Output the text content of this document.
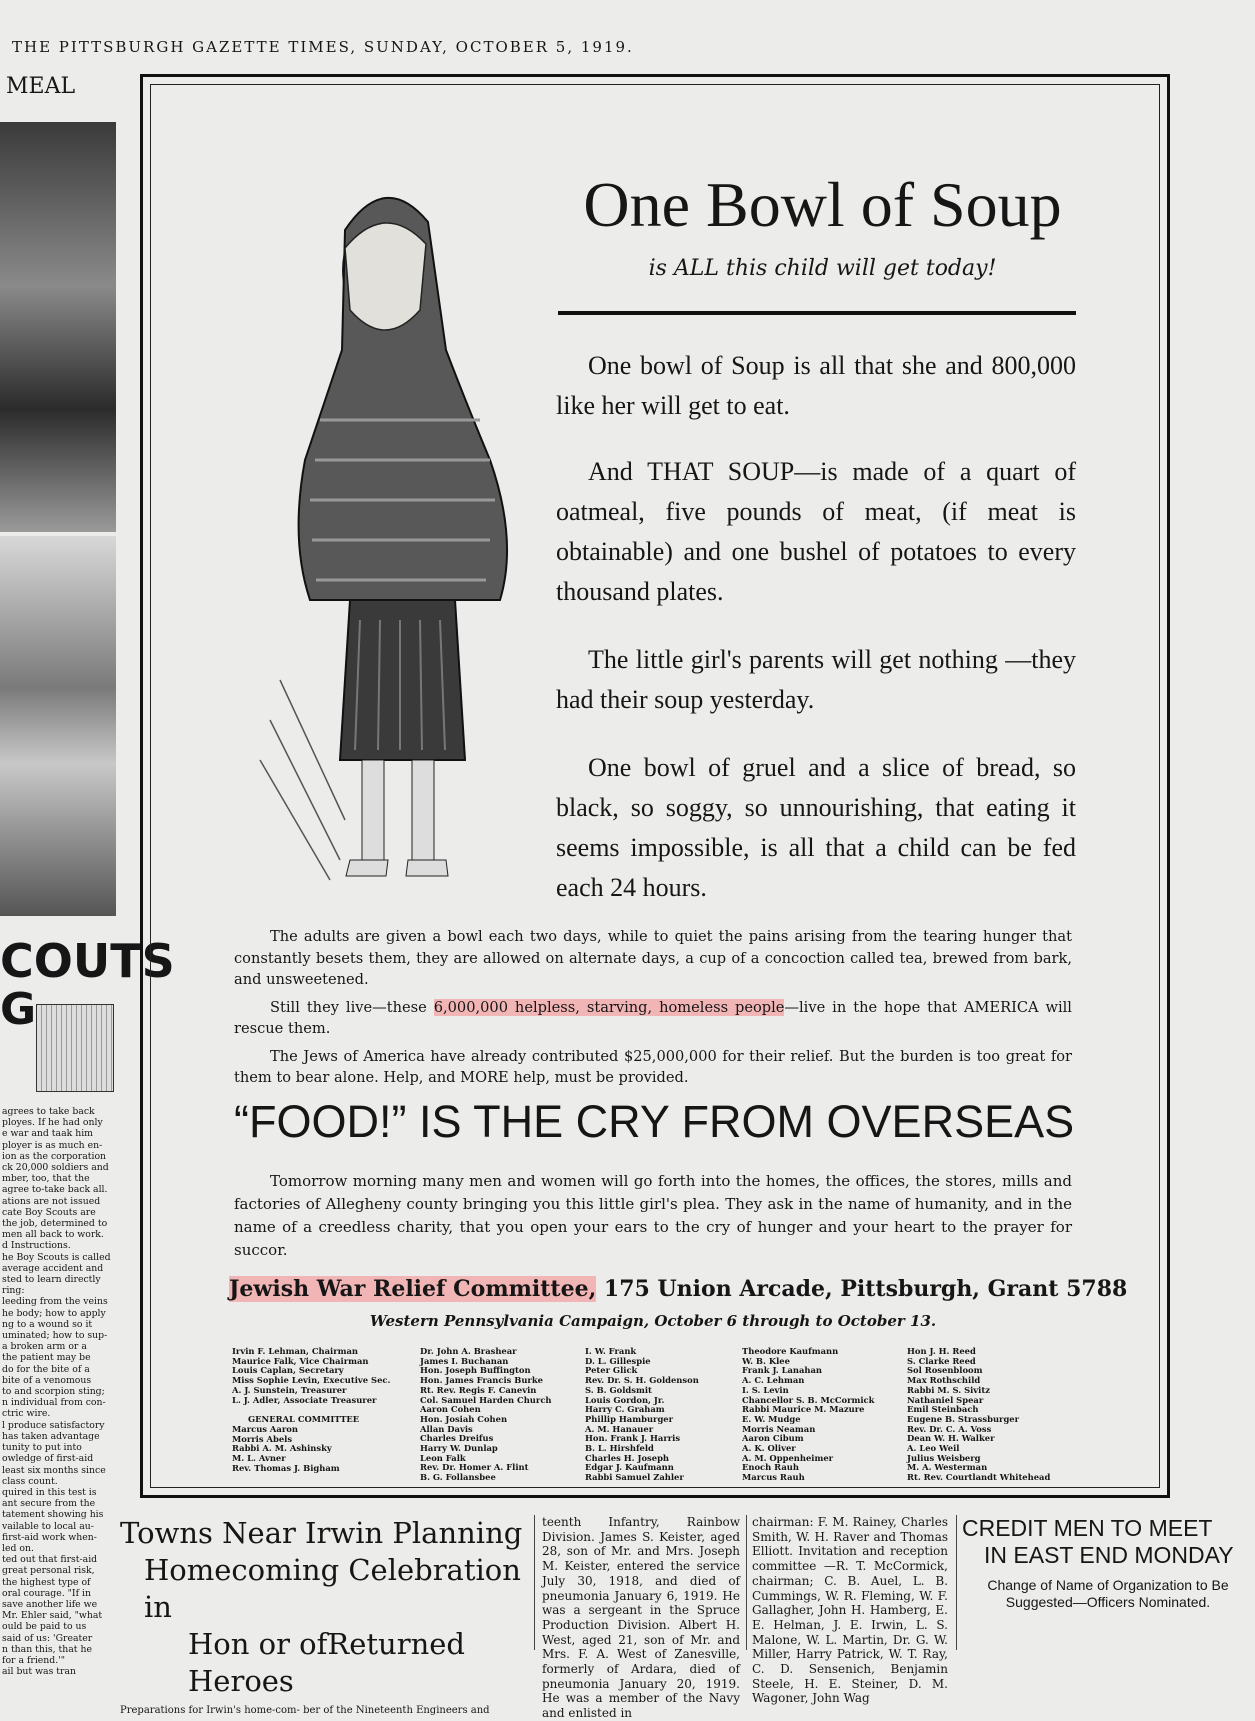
THE PITTSBURGH GAZETTE TIMES, SUNDAY, OCTOBER 5, 1919.
MEAL
COUTS
G
agrees to take back
ployes. If he had only
e war and taak him
ployer is as much en-
ion as the corporation
ck 20,000 soldiers and
mber, too, that the
agree to-take back all.
ations are not issued
cate Boy Scouts are
the job, determined to
men all back to work.
d Instructions.
he Boy Scouts is called
average accident and
sted to learn directly
ring:
leeding from the veins
he body; how to apply
ng to a wound so it
uminated; how to sup-
a broken arm or a
the patient may be
do for the bite of a
bite of a venomous
to and scorpion sting;
n individual from con-
ctric wire.
l produce satisfactory
has taken advantage
tunity to put into
owledge of first-aid
least six months since
class count.
quired in this test is
ant secure from the
tatement showing his
vailable to local au-
first-aid work when-
led on.
ted out that first-aid
great personal risk,
the highest type of
oral courage. "If in
save another life we
Mr. Ehler said, "what
ould be paid to us
said of us: 'Greater
n than this, that he
for a friend.'"
ail but was tran
One Bowl of Soup
is ALL this child will get today!
One bowl of Soup is all that she and 800,000 like her will get to eat.
And THAT SOUP—is made of a quart of oatmeal, five pounds of meat, (if meat is obtainable) and one bushel of potatoes to every thousand plates.
The little girl's parents will get nothing —they had their soup yesterday.
One bowl of gruel and a slice of bread, so black, so soggy, so unnourishing, that eating it seems impossible, is all that a child can be fed each 24 hours.

The adults are given a bowl each two days, while to quiet the pains arising from the tearing hunger that constantly besets them, they are allowed on alternate days, a cup of a concoction called tea, brewed from bark, and unsweetened.

Still they live—these 6,000,000 helpless, starving, homeless people—live in the hope that AMERICA will rescue them.

The Jews of America have already contributed $25,000,000 for their relief. But the burden is too great for them to bear alone. Help, and MORE help, must be provided.

“FOOD!” IS THE CRY FROM OVERSEAS
Tomorrow morning many men and women will go forth into the homes, the offices, the stores, mills and factories of Allegheny county bringing you this little girl's plea. They ask in the name of humanity, and in the name of a creedless charity, that you open your ears to the cry of hunger and your heart to the prayer for succor.
Jewish War Relief Committee, 175 Union Arcade, Pittsburgh, Grant 5788
Western Pennsylvania Campaign, October 6 through to October 13.
Irvin F. Lehman, Chairman
Maurice Falk, Vice Chairman
Louis Caplan, Secretary
Miss Sophie Levin, Executive Sec.
A. J. Sunstein, Treasurer
L. J. Adler, Associate Treasurer
GENERAL COMMITTEE
Marcus Aaron
Morris Abels
Rabbi A. M. Ashinsky
M. L. Avner
Rev. Thomas J. Bigham
Dr. John A. Brashear
James I. Buchanan
Hon. Joseph Buffington
Hon. James Francis Burke
Rt. Rev. Regis F. Canevin
Col. Samuel Harden Church
Aaron Cohen
Hon. Josiah Cohen
Allan Davis
Charles Dreifus
Harry W. Dunlap
Leon Falk
Rev. Dr. Homer A. Flint
B. G. Follansbee
I. W. Frank
D. L. Gillespie
Peter Glick
Rev. Dr. S. H. Goldenson
S. B. Goldsmit
Louis Gordon, Jr.
Harry C. Graham
Phillip Hamburger
A. M. Hanauer
Hon. Frank J. Harris
B. L. Hirshfeld
Charles H. Joseph
Edgar J. Kaufmann
Rabbi Samuel Zahler
Theodore Kaufmann
W. B. Klee
Frank J. Lanahan
A. C. Lehman
I. S. Levin
Chancellor S. B. McCormick
Rabbi Maurice M. Mazure
E. W. Mudge
Morris Neaman
Aaron Cibum
A. K. Oliver
A. M. Oppenheimer
Enoch Rauh
Marcus Rauh
Hon J. H. Reed
S. Clarke Reed
Sol Rosenbloom
Max Rothschild
Rabbi M. S. Sivitz
Nathaniel Spear
Emil Steinbach
Eugene B. Strassburger
Rev. Dr. C. A. Voss
Dean W. H. Walker
A. Leo Weil
Julius Weisberg
M. A. Westerman
Rt. Rev. Courtlandt Whitehead
Towns Near Irwin Planning
Homecoming Celebration in
Hon or ofReturned Heroes
Preparations for Irwin's home-com- ber of the Nineteenth Engineers and
teenth Infantry, Rainbow Division. James S. Keister, aged 28, son of Mr. and Mrs. Joseph M. Keister, entered the service July 30, 1918, and died of pneumonia January 6, 1919. He was a sergeant in the Spruce Production Division. Albert H. West, aged 21, son of Mr. and Mrs. F. A. West of Zanesville, formerly of Ardara, died of pneumonia January 20, 1919. He was a member of the Navy and enlisted in
chairman: F. M. Rainey, Charles Smith, W. H. Raver and Thomas Elliott. Invitation and reception committee —R. T. McCormick, chairman; C. B. Auel, L. B. Cummings, W. R. Fleming, W. F. Gallagher, John H. Hamberg, E. E. Helman, J. E. Irwin, L. S. Malone, W. L. Martin, Dr. G. W. Miller, Harry Patrick, W. T. Ray, C. D. Sensenich, Benjamin Steele, H. E. Steiner, D. M. Wagoner, John Wag
CREDIT MEN TO MEET
IN EAST END MONDAY
Change of Name of Organization to Be Suggested—Officers Nominated.
